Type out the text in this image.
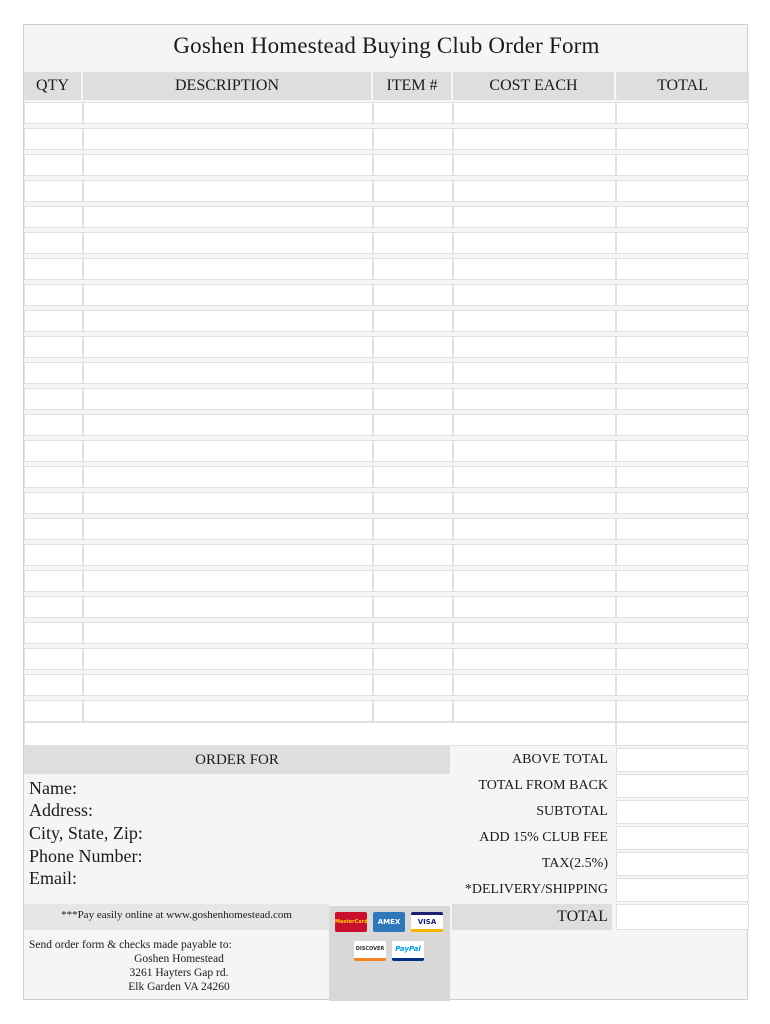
Goshen Homestead Buying Club Order Form
QTY	DESCRIPTION	ITEM #	COST EACH	TOTAL
ORDER FOR
Name:
Address:
City, State, Zip:
Phone Number:
Email:
ABOVE TOTAL
TOTAL FROM BACK
SUBTOTAL
ADD 15% CLUB FEE
TAX(2.5%)
*DELIVERY/SHIPPING
TOTAL
***Pay easily online at www.goshenhomestead.com
Send order form & checks made payable to:
Goshen Homestead
3261 Hayters Gap rd.
Elk Garden VA 24260
MasterCard	AMEX	VISA
DISCOVER	PayPal
